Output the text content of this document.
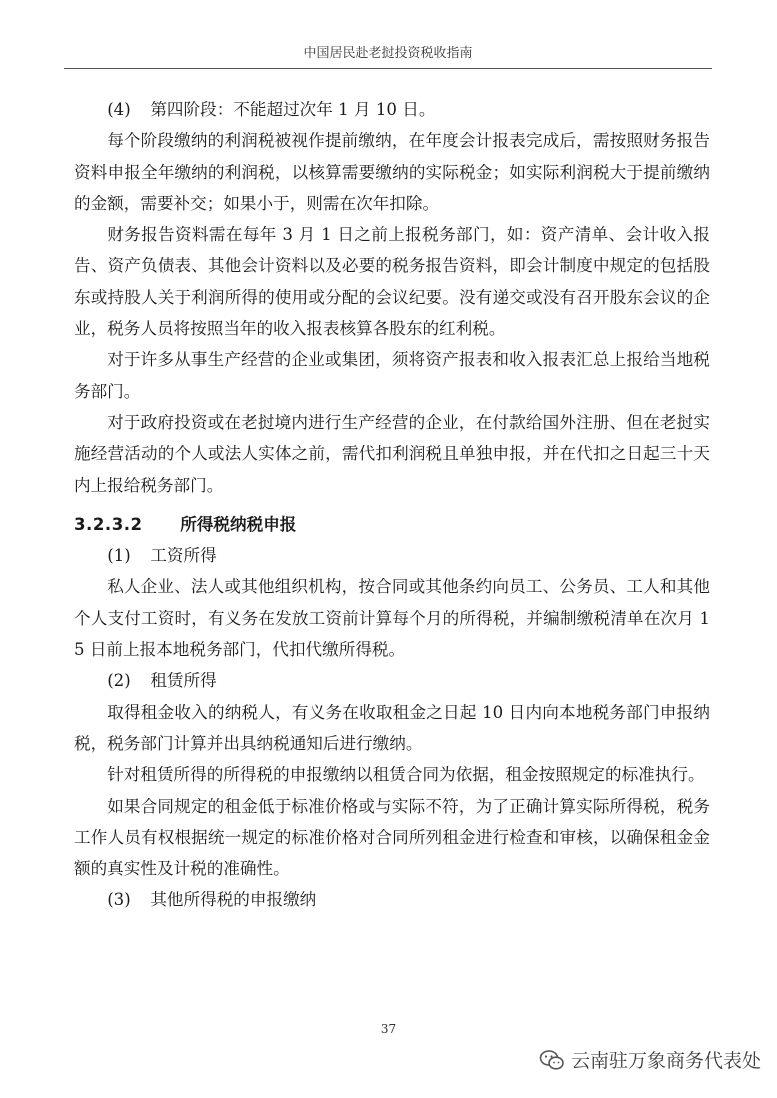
中国居民赴老挝投资税收指南

(4) 第四阶段：不能超过次年 1 月 10 日。

每个阶段缴纳的利润税被视作提前缴纳，在年度会计报表完成后，需按照财务报告资料申报全年缴纳的利润税，以核算需要缴纳的实际税金；如实际利润税大于提前缴纳的金额，需要补交；如果小于，则需在次年扣除。

财务报告资料需在每年 3 月 1 日之前上报税务部门，如：资产清单、会计收入报告、资产负债表、其他会计资料以及必要的税务报告资料，即会计制度中规定的包括股东或持股人关于利润所得的使用或分配的会议纪要。没有递交或没有召开股东会议的企业，税务人员将按照当年的收入报表核算各股东的红利税。

对于许多从事生产经营的企业或集团，须将资产报表和收入报表汇总上报给当地税务部门。

对于政府投资或在老挝境内进行生产经营的企业，在付款给国外注册、但在老挝实施经营活动的个人或法人实体之前，需代扣利润税且单独申报，并在代扣之日起三十天内上报给税务部门。

3.2.3.2 所得税纳税申报

(1) 工资所得

私人企业、法人或其他组织机构，按合同或其他条约向员工、公务员、工人和其他个人支付工资时，有义务在发放工资前计算每个月的所得税，并编制缴税清单在次月 15 日前上报本地税务部门，代扣代缴所得税。

(2) 租赁所得

取得租金收入的纳税人，有义务在收取租金之日起 10 日内向本地税务部门申报纳税，税务部门计算并出具纳税通知后进行缴纳。

针对租赁所得的所得税的申报缴纳以租赁合同为依据，租金按照规定的标准执行。

如果合同规定的租金低于标准价格或与实际不符，为了正确计算实际所得税，税务工作人员有权根据统一规定的标准价格对合同所列租金进行检查和审核，以确保租金金额的真实性及计税的准确性。

(3) 其他所得税的申报缴纳

37
云南驻万象商务代表处
